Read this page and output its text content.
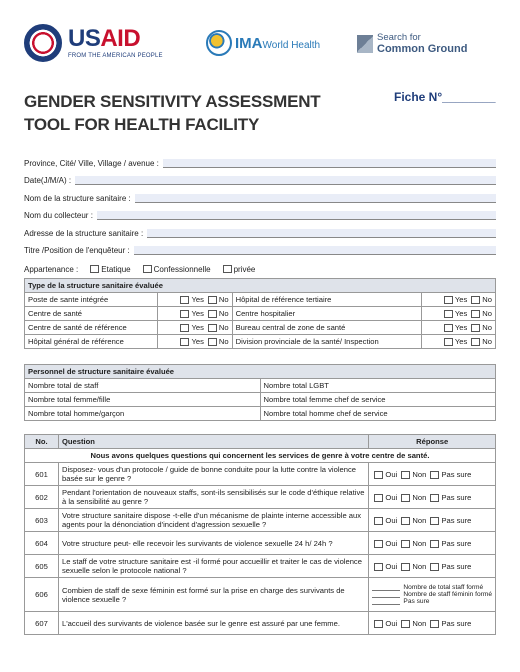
USAID
FROM THE AMERICAN PEOPLE
IMAWorld Health
Search for
Common Ground
GENDER SENSITIVITY ASSESSMENT
TOOL FOR HEALTH FACILITY
Fiche N°________
Province, Cité/ Ville, Village / avenue :
Date(J/M/A) :
Nom de la structure sanitaire :
Nom du collecteur :
Adresse de la structure sanitaire :
Titre /Position de l'enquêteur :
Appartenance :	Etatique	Confessionnelle	privée
Type de la structure sanitaire évaluée			
Poste de sante intégrée	Yes No	Hôpital de référence tertiaire	Yes No
Centre de santé	Yes No	Centre hospitalier	Yes No
Centre de santé de référence	Yes No	Bureau central de zone de santé	Yes No
Hôpital général de référence	Yes No	Division provinciale de la santé/ Inspection	Yes No
Personnel de structure sanitaire évaluée	
Nombre total de staff	Nombre total LGBT
Nombre total femme/fille	Nombre total femme chef de service
Nombre total homme/garçon	Nombre total homme chef de service
No.	Question	Réponse
Nous avons quelques questions qui concernent les services de genre à votre centre de santé.		
601	Disposez- vous d'un protocole / guide de bonne conduite pour la lutte contre la violence basée sur le genre ?	Oui Non Pas sure
602	Pendant l'orientation de nouveaux staffs, sont-ils sensibilisés sur le code d'éthique relative à la sensibilité au genre ?	Oui Non Pas sure
603	Votre structure sanitaire dispose -t-elle d'un mécanisme de plainte interne accessible aux agents pour la dénonciation d'incident d'agression sexuelle ?	Oui Non Pas sure
604	Votre structure peut- elle recevoir les survivants de violence sexuelle 24 h/ 24h ?	Oui Non Pas sure
605	Le staff de votre structure sanitaire est -il formé pour accueillir et traiter le cas de violence sexuelle selon le protocole national ?	Oui Non Pas sure
606	Combien de staff de sexe féminin est formé sur la prise en charge des survivants de violence sexuelle ?	Nombre de total staff formé
Nombre de staff féminin formé
Pas sure

607	L'accueil des survivants de violence basée sur le genre est assuré par une femme.	Oui Non Pas sure
